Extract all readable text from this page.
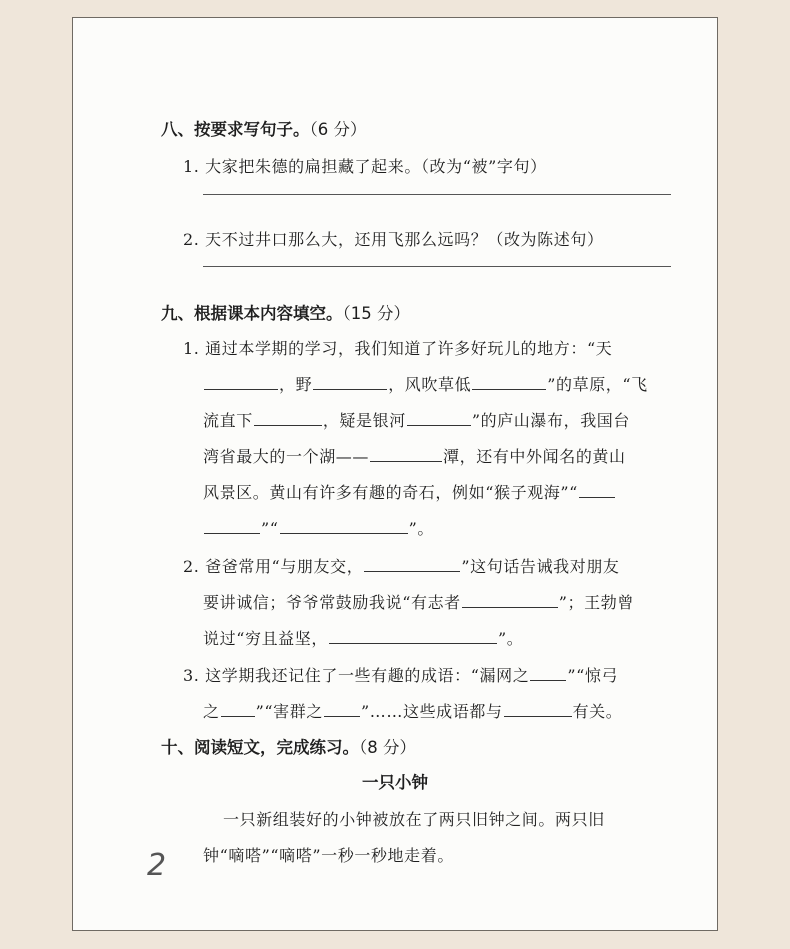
八、按要求写句子。（6 分）
1. 大家把朱德的扁担藏了起来。（改为“被”字句）
2. 天不过井口那么大，还用飞那么远吗？（改为陈述句）
九、根据课本内容填空。（15 分）
1. 通过本学期的学习，我们知道了许多好玩儿的地方：“天
，野	，风吹草低	”的草原，“飞
流直下	，疑是银河	”的庐山瀑布，我国台
湾省最大的一个湖——	潭，还有中外闻名的黄山
风景区。黄山有许多有趣的奇石，例如“猴子观海”“
”“	”。
2. 爸爸常用“与朋友交，	”这句话告诫我对朋友
要讲诚信；爷爷常鼓励我说“有志者	”；王勃曾
说过“穷且益坚，	”。
3. 这学期我还记住了一些有趣的成语：“漏网之 ”“惊弓
之 ”“害群之 ”……这些成语都与	有关。
十、阅读短文，完成练习。（8 分）
一只小钟
一只新组装好的小钟被放在了两只旧钟之间。两只旧
钟“嘀嗒”“嘀嗒”一秒一秒地走着。
2
